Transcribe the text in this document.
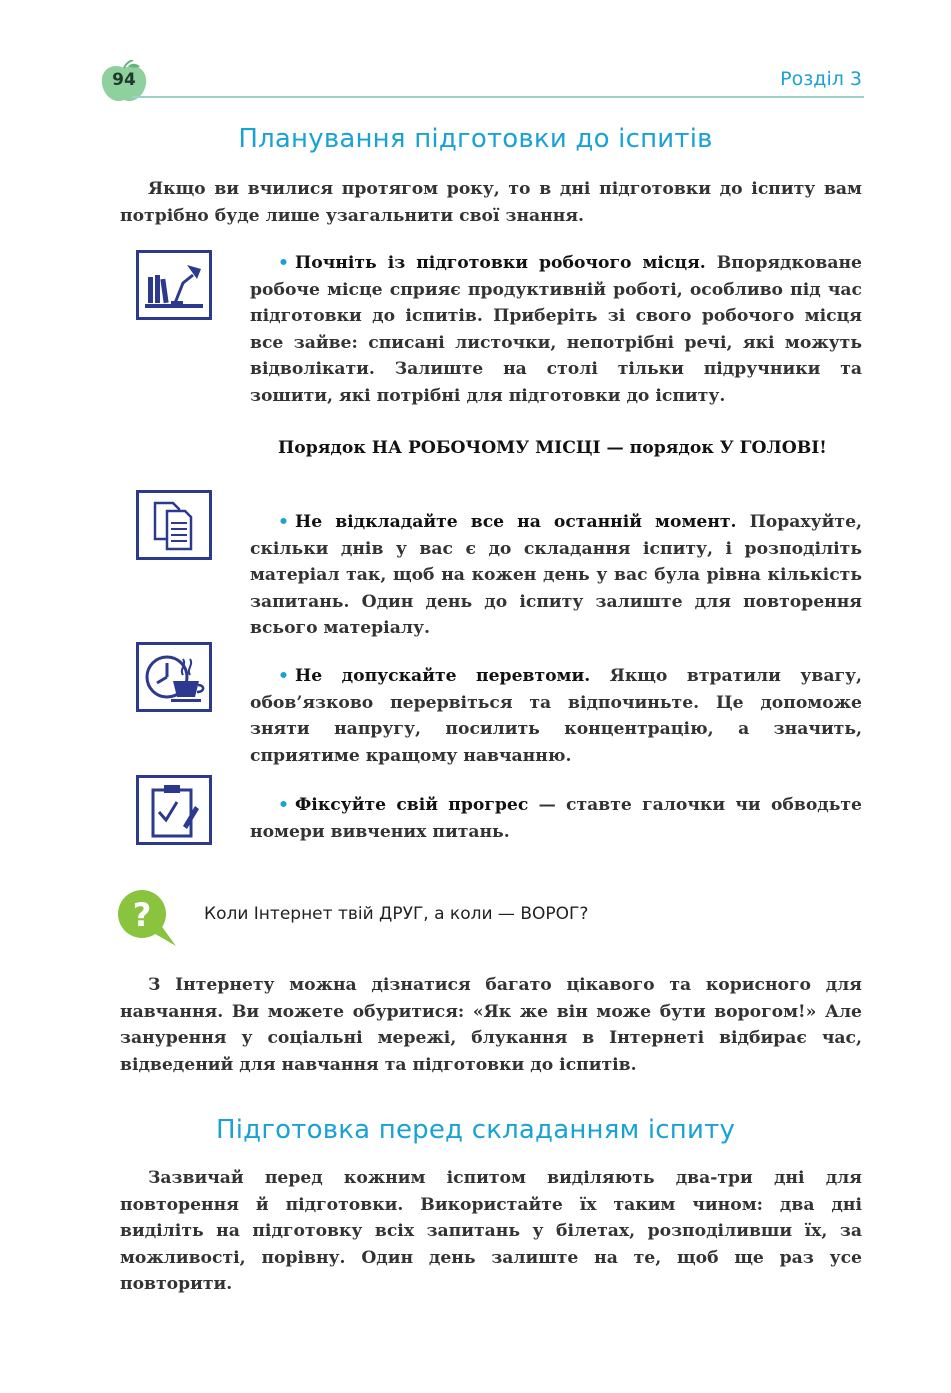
94	Розділ 3
Планування підготовки до іспитів
Якщо ви вчилися протягом року, то в дні підготовки до іспиту вам потрібно буде лише узагальнити свої знання.
• Почніть із підготовки робочого місця. Впорядковане робоче місце сприяє продуктивній роботі, особливо під час підготовки до іспитів. Приберіть зі свого робочого місця все зайве: списані листочки, непотрібні речі, які можуть відволікати. Залиште на столі тільки підручники та зошити, які потрібні для підготовки до іспиту.
Порядок НА РОБОЧОМУ МІСЦІ — порядок У ГОЛОВІ!
• Не відкладайте все на останній момент. Порахуйте, скільки днів у вас є до складання іспиту, і розподіліть матеріал так, щоб на кожен день у вас була рівна кількість запитань. Один день до іспиту залиште для повторення всього матеріалу.
• Не допускайте перевтоми. Якщо втратили увагу, обов’язково перервіться та відпочиньте. Це допоможе зняти напругу, посилить концентрацію, а значить, сприятиме кращому навчанню.
• Фіксуйте свій прогрес — ставте галочки чи обводьте номери вивчених питань.
?	Коли Інтернет твій ДРУГ, а коли — ВОРОГ?
З Інтернету можна дізнатися багато цікавого та корисного для навчання. Ви можете обуритися: «Як же він може бути ворогом!» Але занурення у соціальні мережі, блукання в Інтернеті відбирає час, відведений для навчання та підготовки до іспитів.
Підготовка перед складанням іспиту
Зазвичай перед кожним іспитом виділяють два-три дні для повторення й підготовки. Використайте їх таким чином: два дні виділіть на підготовку всіх запитань у білетах, розподіливши їх, за можливості, порівну. Один день залиште на те, щоб ще раз усе повторити.
